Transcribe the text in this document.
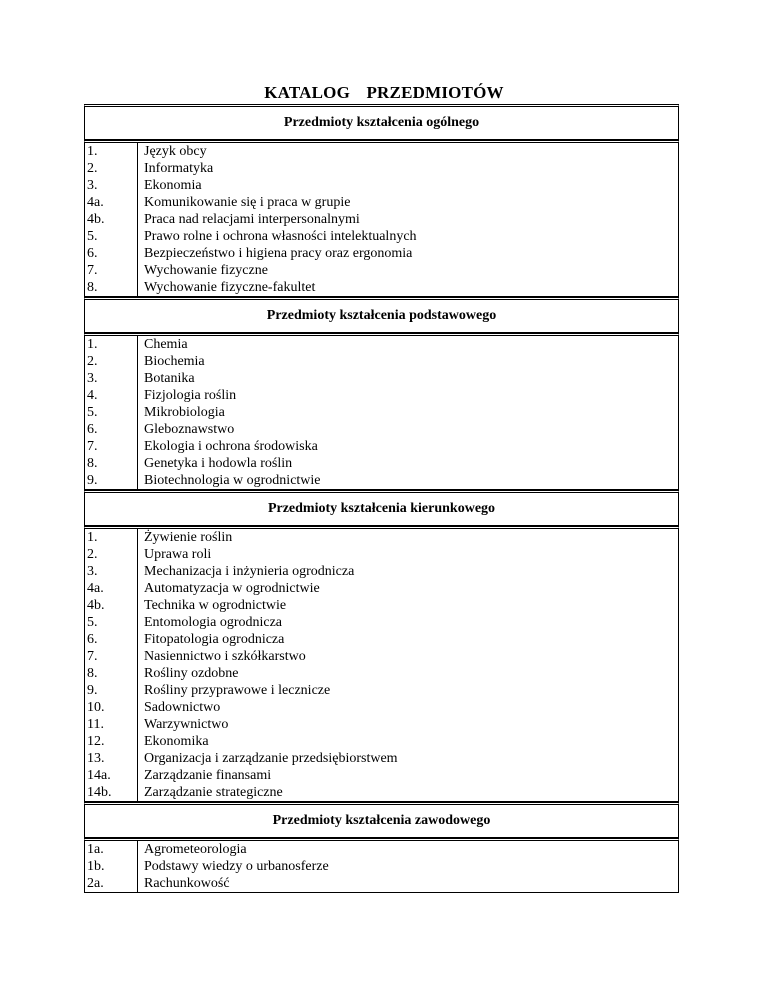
KATALOG PRZEDMIOTÓW
Przedmioty kształcenia ogólnego
1.	Język obcy
2.	Informatyka
3.	Ekonomia
4a.	Komunikowanie się i praca w grupie
4b.	Praca nad relacjami interpersonalnymi
5.	Prawo rolne i ochrona własności intelektualnych
6.	Bezpieczeństwo i higiena pracy oraz ergonomia
7.	Wychowanie fizyczne
8.	Wychowanie fizyczne-fakultet
Przedmioty kształcenia podstawowego
1.	Chemia
2.	Biochemia
3.	Botanika
4.	Fizjologia roślin
5.	Mikrobiologia
6.	Gleboznawstwo
7.	Ekologia i ochrona środowiska
8.	Genetyka i hodowla roślin
9.	Biotechnologia w ogrodnictwie
Przedmioty kształcenia kierunkowego
1.	Żywienie roślin
2.	Uprawa roli
3.	Mechanizacja i inżynieria ogrodnicza
4a.	Automatyzacja w ogrodnictwie
4b.	Technika w ogrodnictwie
5.	Entomologia ogrodnicza
6.	Fitopatologia ogrodnicza
7.	Nasiennictwo i szkółkarstwo
8.	Rośliny ozdobne
9.	Rośliny przyprawowe i lecznicze
10.	Sadownictwo
11.	Warzywnictwo
12.	Ekonomika
13.	Organizacja i zarządzanie przedsiębiorstwem
14a.	Zarządzanie finansami
14b.	Zarządzanie strategiczne
Przedmioty kształcenia zawodowego
1a.	Agrometeorologia
1b.	Podstawy wiedzy o urbanosferze
2a.	Rachunkowość
